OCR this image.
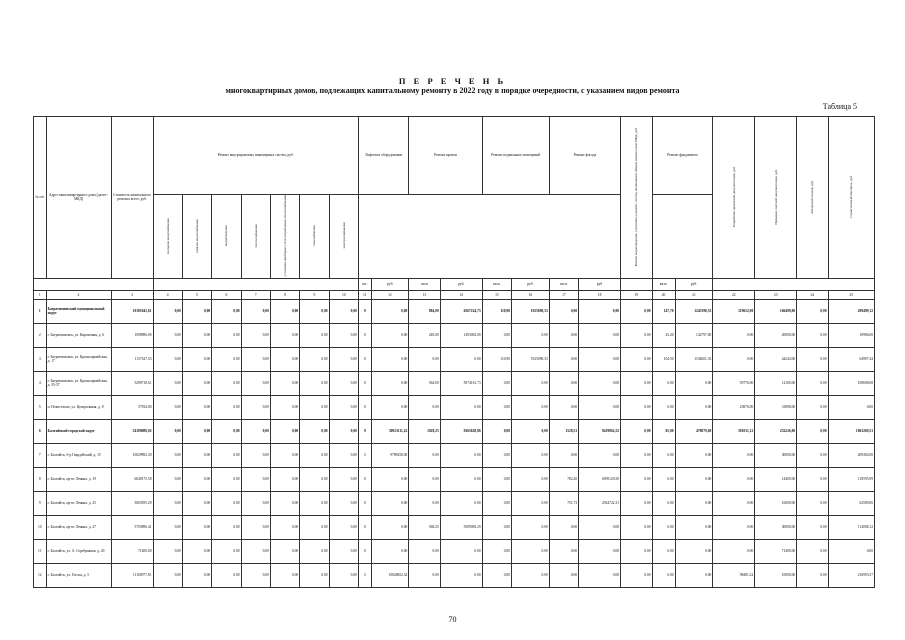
П Е Р Е Ч Е Н Ь
многоквартирных домов, подлежащих капитальному ремонту в 2022 году в порядке очередности, с указанием видов ремонта
Таблица 5
№ п/п	Адрес многоквартирного дома (далее - МКД)	Стоимость капитального ремонта всего, руб.	Ремонт внутридомовых инженерных систем, руб.							Лифтовое оборудование		Ремонт кровли		Ремонт подвальных помещений		Ремонт фасада		Ремонт водоотведения, утепления и ремонт систем, являющихся общим имуществом МКД, руб.	Ремонт фундамента		Разработка проектной документации, руб.	Проверка сметной документации, руб.	Авторский надзор, руб.	Строительный контроль, руб.
			холодное водоснабжение	горячее водоснабжение	водоотведение	теплоснабжение	установка приборов учета потребления теплоснабжения	газоснабжение	электроснабжение															

										шт.	руб	кв.м	руб.	кв.м.	руб.	кв.м.	руб		кв.м.	руб.				
1	2	3	4	5	6	7	8	9	10	11	12	13	14	15	16	17	18	19	20	21	22	23	24	25
1	Багратионовский муниципальный округ	10181045,61	0,00	0,00	0,00	0,00	0,00	0,00	0,00	0	0,00	804,00	6567224,73	110,90	1925690,33	0,00	0,00	0,00	147,70	1245398,33	119652,00	166490,00	0,00	209499,12
2	г. Багратионовск, ул. Кирпичная, д. 6	1098986,00	0,00	0,00	0,00	0,00	0,00	0,00	0,00	0	0,00	240,00	1493063,00	0,00	0,00	0,00	0,00	0,00	43,20	142797,00	0,00	20000,00	0,00	10986,00
3	г. Багратионовск, ул. Красноармейская, д. 17	1137347,33	0,00	0,00	0,00	0,00	0,00	0,00	0,00	0	0,00	0,00	0,00	110,90	1925690,33	0,00	0,00	0,00	104,50	1102601,33	0,00	44244,00	0,00	64997,44
4	г. Багратионовск, ул. Красноармейская, д. 35-37	5290718,61	0,00	0,00	0,00	0,00	0,00	0,00	0,00	0	0,00	564,00	5074161,73	0,00	0,00	0,00	0,00	0,00	0,00	0,00	95776,00	12160,00	0,00	108608,68
5	п. Новоселово, ул. Центральная, д. 8	57934,00	0,00	0,00	0,00	0,00	0,00	0,00	0,00	0	0,00	0,00	0,00	0,00	0,00	0,00	0,00	0,00	0,00	0,00	23876,00	31808,00	0,00	0,00
6	Балтийский городской округ	54180088,02	0,00	0,00	0,00	0,00	0,00	0,00	0,00	9	30923111,22	1028,25	9265628,86	0,00	0,00	1528,53	9419862,52	0,00	65,00	470879,69	301031,12	232226,00	0,00	1063269,53
7	г. Балтийск, б-р Гвардейский, д. 15	10029892,30	0,00	0,00	0,00	0,00	0,00	0,00	0,00	3	9789458,00	0,00	0,00	0,00	0,00	0,00	0,00	0,00	0,00	0,00	0,00	30000,00	0,00	209494,00
8	г. Балтийск, пр-кт Ленина, д. 19	6048175,58	0,00	0,00	0,00	0,00	0,00	0,00	0,00	0	0,00	0,00	0,00	0,00	0,00	782,20	6095120,50	0,00	0,00	0,00	0,00	14400,00	0,00	118595,99
9	г. Балтийск, пр-кт Ленина, д. 25	3003595,29	0,00	0,00	0,00	0,00	0,00	0,00	0,00	0	0,00	0,00	0,00	0,00	0,00	751,73	2924722,31	0,00	0,00	0,00	0,00	16000,00	0,00	62589,06
10	г. Балтийск, пр-кт Ленина, д. 27	5703896,41	0,00	0,00	0,00	0,00	0,00	0,00	0,00	0	0,00	568,25	5589083,29	0,00	0,00	0,00	0,00	0,00	0,00	0,00	0,00	30000,00	0,00	114008,12
11	г. Балтийск, ул. А. Серебрякова, д. 20	71400,00	0,00	0,00	0,00	0,00	0,00	0,00	0,00	0	0,00	0,00	0,00	0,00	0,00	0,00	0,00	0,00	0,00	0,00	0,00	71400,00	0,00	0,00
12	г. Балтийск, ул. Гоголя, д. 5	11160977,81	0,00	0,00	0,00	0,00	0,00	0,00	0,00	3	10826802,32	0,00	0,00	0,00	0,00	0,00	0,00	0,00	0,00	0,00	98481,22	10000,00	0,00	216993,57
70
